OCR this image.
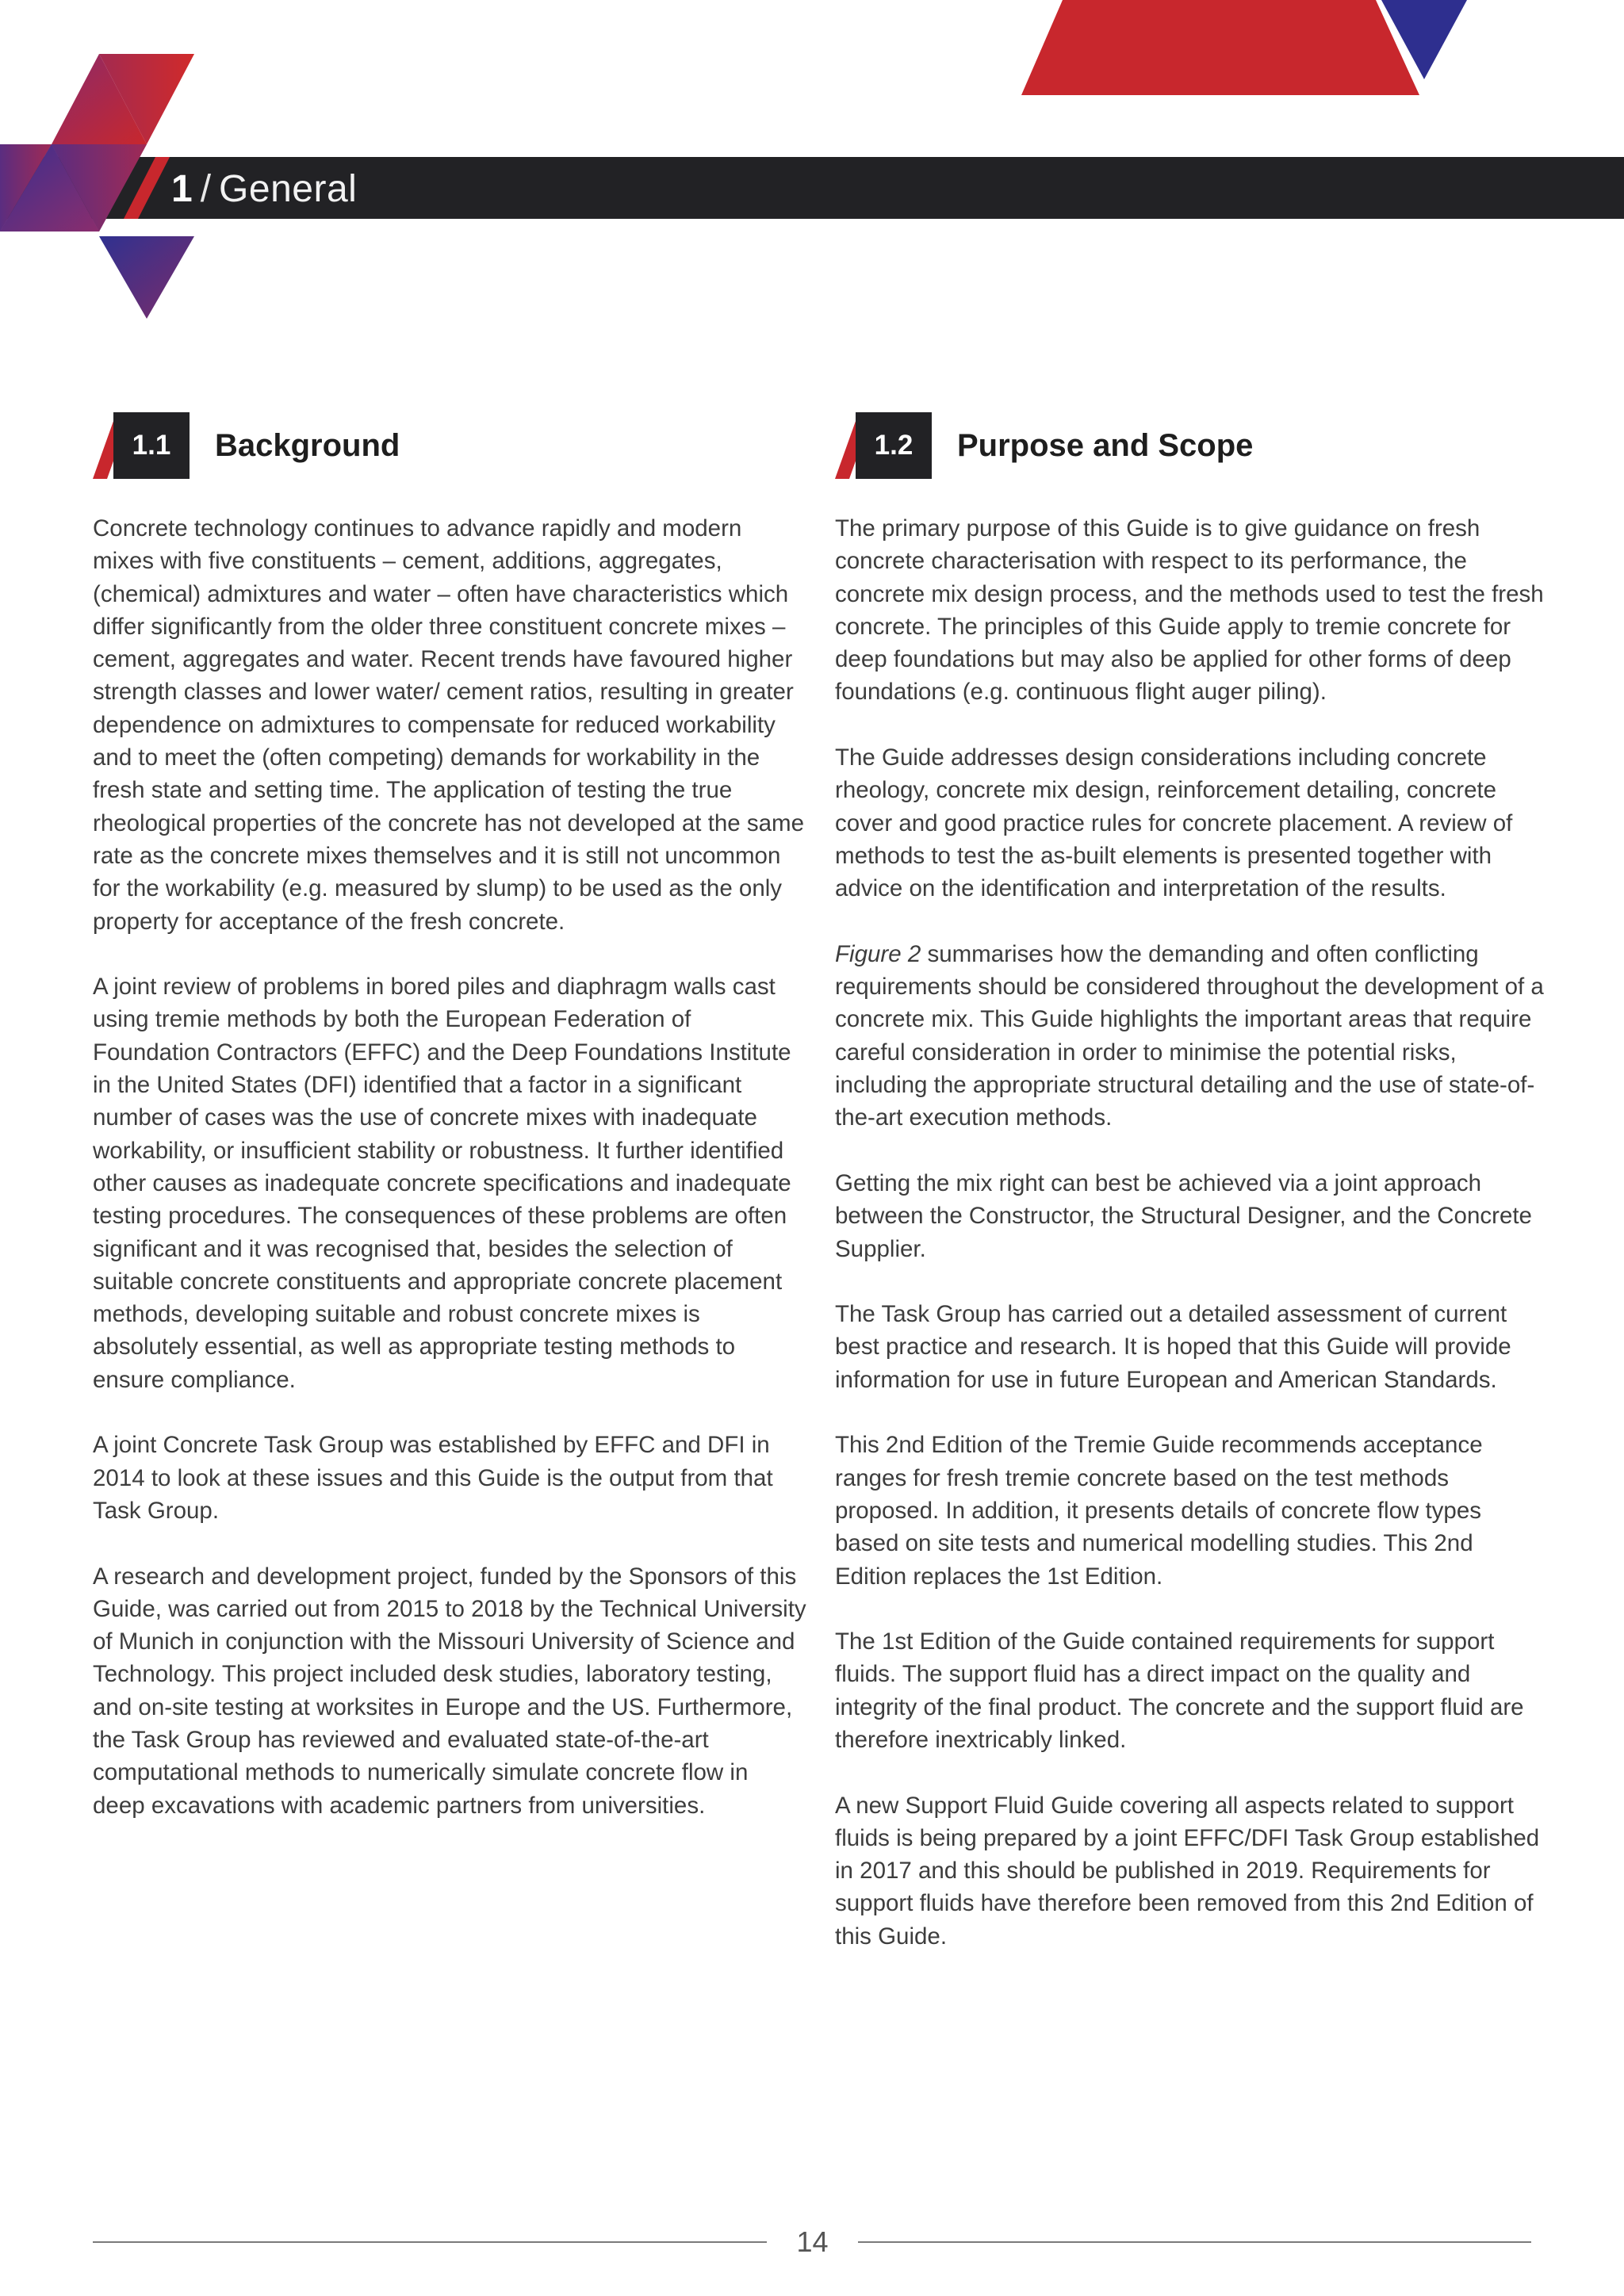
1 / General
1.1	Background

Concrete technology continues to advance rapidly and modern mixes with five constituents – cement, additions, aggregates, (chemical) admixtures and water – often have characteristics which differ significantly from the older three constituent concrete mixes – cement, aggregates and water. Recent trends have favoured higher strength classes and lower water/ cement ratios, resulting in greater dependence on admixtures to compensate for reduced workability and to meet the (often competing) demands for workability in the fresh state and setting time. The application of testing the true rheological properties of the concrete has not developed at the same rate as the concrete mixes themselves and it is still not uncommon for the workability (e.g. measured by slump) to be used as the only property for acceptance of the fresh concrete.

A joint review of problems in bored piles and diaphragm walls cast using tremie methods by both the European Federation of Foundation Contractors (EFFC) and the Deep Foundations Institute in the United States (DFI) identified that a factor in a significant number of cases was the use of concrete mixes with inadequate workability, or insufficient stability or robustness. It further identified other causes as inadequate concrete specifications and inadequate testing procedures. The consequences of these problems are often significant and it was recognised that, besides the selection of suitable concrete constituents and appropriate concrete placement methods, developing suitable and robust concrete mixes is absolutely essential, as well as appropriate testing methods to ensure compliance.

A joint Concrete Task Group was established by EFFC and DFI in 2014 to look at these issues and this Guide is the output from that Task Group.

A research and development project, funded by the Sponsors of this Guide, was carried out from 2015 to 2018 by the Technical University of Munich in conjunction with the Missouri University of Science and Technology. This project included desk studies, laboratory testing, and on-site testing at worksites in Europe and the US. Furthermore, the Task Group has reviewed and evaluated state-of-the-art computational methods to numerically simulate concrete flow in deep excavations with academic partners from universities.

1.2	Purpose and Scope

The primary purpose of this Guide is to give guidance on fresh concrete characterisation with respect to its performance, the concrete mix design process, and the methods used to test the fresh concrete. The principles of this Guide apply to tremie concrete for deep foundations but may also be applied for other forms of deep foundations (e.g. continuous flight auger piling).

The Guide addresses design considerations including concrete rheology, concrete mix design, reinforcement detailing, concrete cover and good practice rules for concrete placement. A review of methods to test the as-built elements is presented together with advice on the identification and interpretation of the results.

Figure 2 summarises how the demanding and often conflicting requirements should be considered throughout the development of a concrete mix. This Guide highlights the important areas that require careful consideration in order to minimise the potential risks, including the appropriate structural detailing and the use of state-of-the-art execution methods.

Getting the mix right can best be achieved via a joint approach between the Constructor, the Structural Designer, and the Concrete Supplier.

The Task Group has carried out a detailed assessment of current best practice and research. It is hoped that this Guide will provide information for use in future European and American Standards.

This 2nd Edition of the Tremie Guide recommends acceptance ranges for fresh tremie concrete based on the test methods proposed. In addition, it presents details of concrete flow types based on site tests and numerical modelling studies. This 2nd Edition replaces the 1st Edition.

The 1st Edition of the Guide contained requirements for support fluids. The support fluid has a direct impact on the quality and integrity of the final product. The concrete and the support fluid are therefore inextricably linked.

A new Support Fluid Guide covering all aspects related to support fluids is being prepared by a joint EFFC/DFI Task Group established in 2017 and this should be published in 2019. Requirements for support fluids have therefore been removed from this 2nd Edition of this Guide.

14
